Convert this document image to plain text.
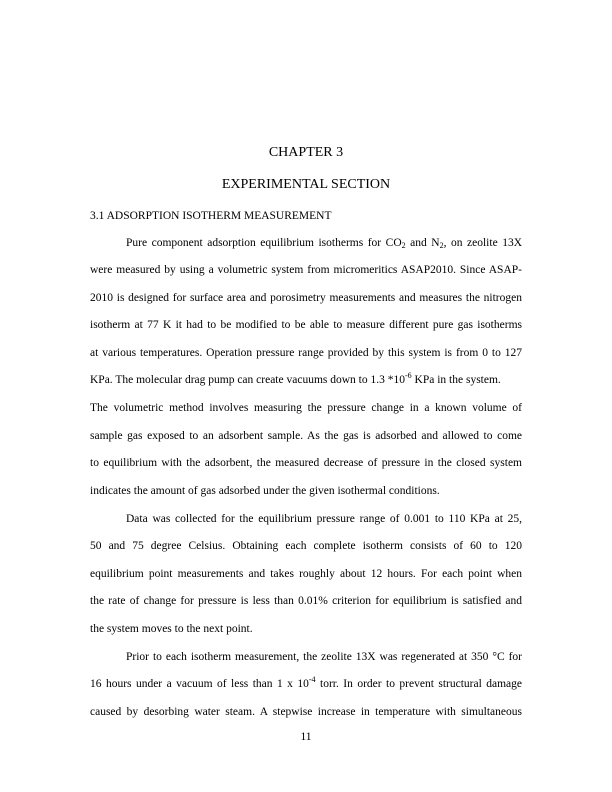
CHAPTER 3
EXPERIMENTAL SECTION
3.1 ADSORPTION ISOTHERM MEASUREMENT
Pure component adsorption equilibrium isotherms for $CO_2$ and $N_2$, on zeolite 13X
were measured by using a volumetric system from micromeritics ASAP2010. Since ASAP-
2010 is designed for surface area and porosimetry measurements and measures the nitrogen
isotherm at 77 K it had to be modified to be able to measure different pure gas isotherms
at various temperatures. Operation pressure range provided by this system is from 0 to 127
KPa. The molecular drag pump can create vacuums down to 1.3 $*10^{-6}$ KPa in the system.
The volumetric method involves measuring the pressure change in a known volume of
sample gas exposed to an adsorbent sample. As the gas is adsorbed and allowed to come
to equilibrium with the adsorbent, the measured decrease of pressure in the closed system
indicates the amount of gas adsorbed under the given isothermal conditions.
Data was collected for the equilibrium pressure range of 0.001 to 110 KPa at 25,
50 and 75 degree Celsius. Obtaining each complete isotherm consists of 60 to 120
equilibrium point measurements and takes roughly about 12 hours. For each point when
the rate of change for pressure is less than 0.01% criterion for equilibrium is satisfied and
the system moves to the next point.
Prior to each isotherm measurement, the zeolite 13X was regenerated at 350 °C for
16 hours under a vacuum of less than 1 x $10^{-4}$ torr. In order to prevent structural damage
caused by desorbing water steam. A stepwise increase in temperature with simultaneous
11
